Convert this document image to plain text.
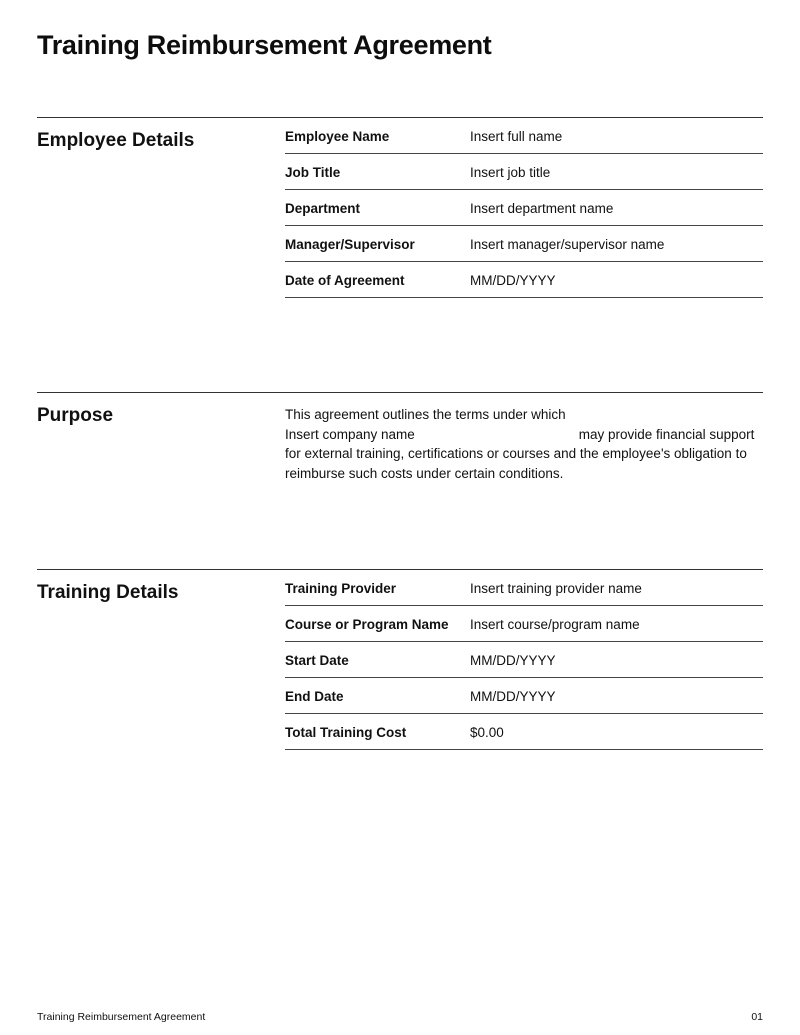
Training Reimbursement Agreement
Employee Details	Employee Name	Insert full name
Job Title	Insert job title
Department	Insert department name
Manager/Supervisor	Insert manager/supervisor name
Date of Agreement	MM/DD/YYYY
Purpose	This agreement outlines the terms under which
Insert company name	may provide financial support for external training, certifications or courses and the employee's obligation to reimburse such costs under certain conditions.

Training Details	Training Provider	Insert training provider name
Course or Program Name	Insert course/program name
Start Date	MM/DD/YYYY
End Date	MM/DD/YYYY
Total Training Cost	$0.00
Training Reimbursement Agreement	01
